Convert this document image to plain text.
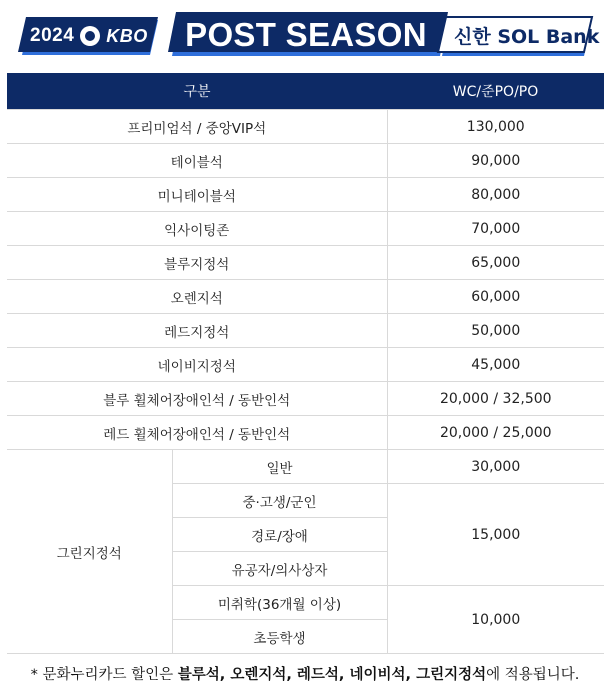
2024 KBO	POST SEASON	신한 SOL Bank
구분		WC/준PO/PO
프리미엄석 / 중앙VIP석		130,000
테이블석		90,000
미니테이블석		80,000
익사이팅존		70,000
블루지정석		65,000
오렌지석		60,000
레드지정석		50,000
네이비지정석		45,000
블루 휠체어장애인석 / 동반인석		20,000 / 32,500
레드 휠체어장애인석 / 동반인석		20,000 / 25,000
그린지정석	일반	30,000
	중·고생/군인	15,000
	경로/장애	
	유공자/의사상자	
	미취학(36개월 이상)	10,000
	초등학생	
* 문화누리카드 할인은 블루석, 오렌지석, 레드석, 네이비석, 그린지정석에 적용됩니다.
